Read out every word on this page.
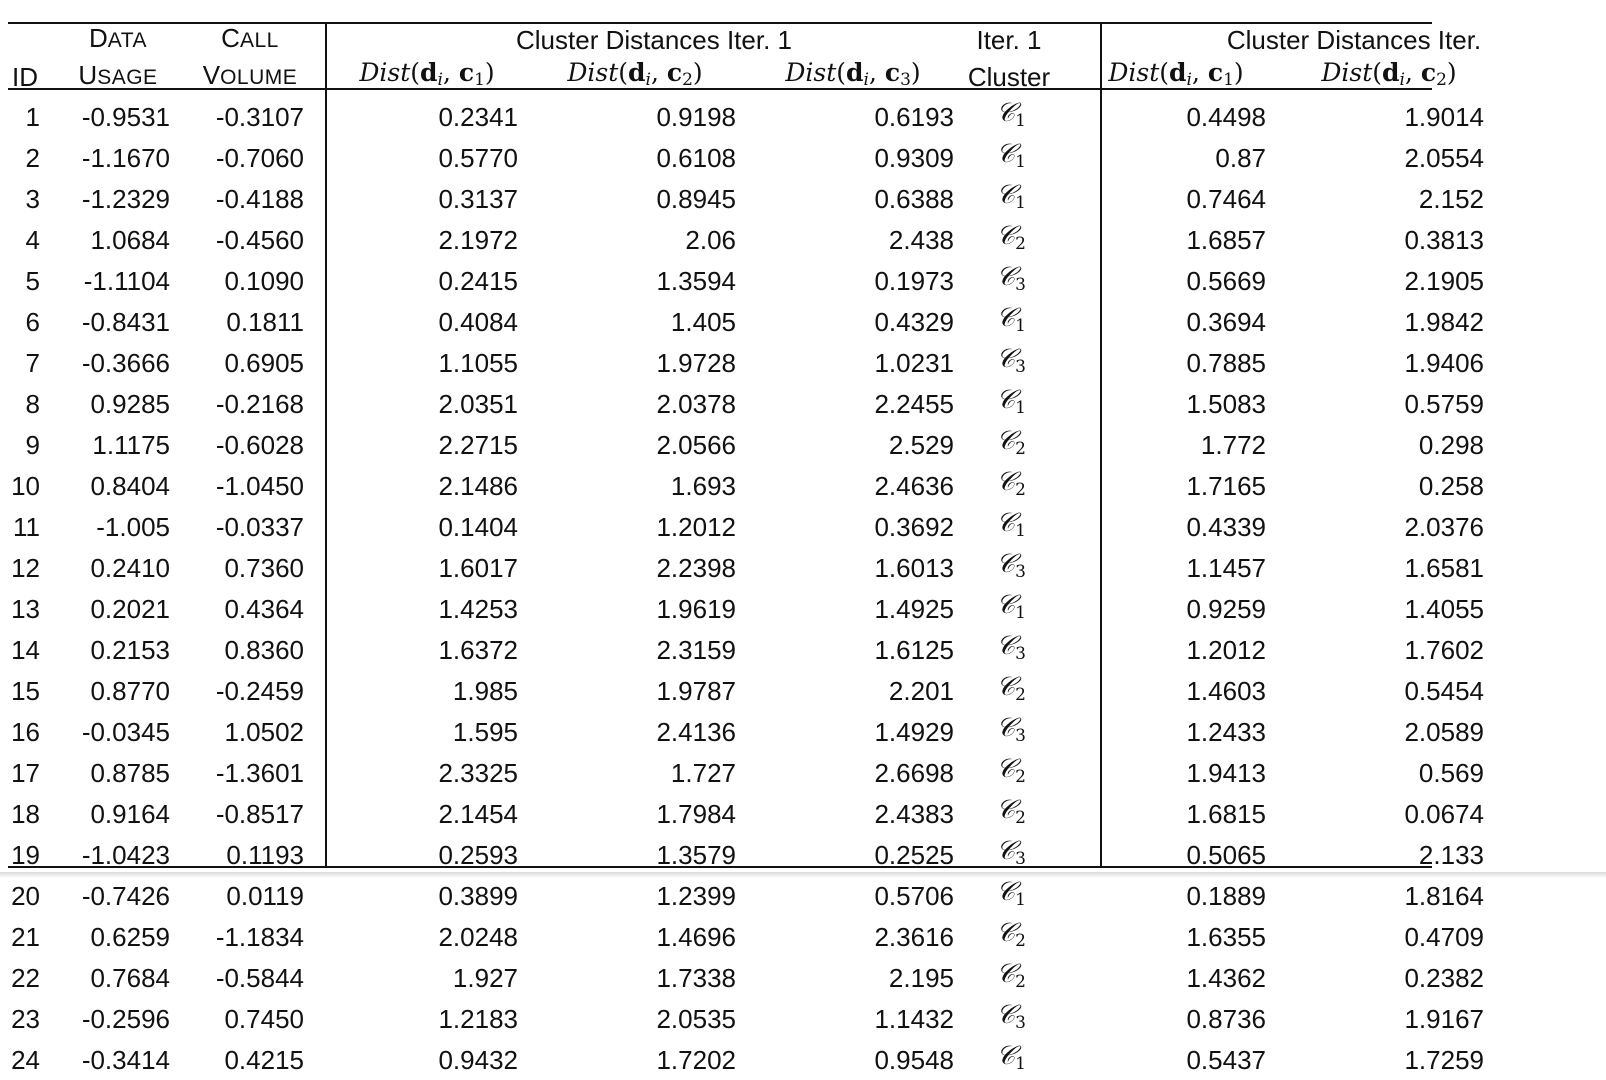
	DATA	CALL	Cluster Distances Iter. 1			Iter. 1	Cluster Distances Iter.	
ID	USAGE	VOLUME	$Dist(d_i$, $c_1$)	$Dist(d_i$, $c_2$)	$Dist(d_i$, $c_3$)	Cluster	$Dist(d_i$, $c_1$)	$Dist(d_i$, $c_2$)
1	-0.9531	-0.3107	0.2341	0.9198	0.6193	𝒞$_1$	0.4498	1.9014
2	-1.1670	-0.7060	0.5770	0.6108	0.9309	𝒞$_1$	0.87	2.0554
3	-1.2329	-0.4188	0.3137	0.8945	0.6388	𝒞$_1$	0.7464	2.152
4	1.0684	-0.4560	2.1972	2.06	2.438	𝒞$_2$	1.6857	0.3813
5	-1.1104	0.1090	0.2415	1.3594	0.1973	𝒞$_3$	0.5669	2.1905
6	-0.8431	0.1811	0.4084	1.405	0.4329	𝒞$_1$	0.3694	1.9842
7	-0.3666	0.6905	1.1055	1.9728	1.0231	𝒞$_3$	0.7885	1.9406
8	0.9285	-0.2168	2.0351	2.0378	2.2455	𝒞$_1$	1.5083	0.5759
9	1.1175	-0.6028	2.2715	2.0566	2.529	𝒞$_2$	1.772	0.298
10	0.8404	-1.0450	2.1486	1.693	2.4636	𝒞$_2$	1.7165	0.258
11	-1.005	-0.0337	0.1404	1.2012	0.3692	𝒞$_1$	0.4339	2.0376
12	0.2410	0.7360	1.6017	2.2398	1.6013	𝒞$_3$	1.1457	1.6581
13	0.2021	0.4364	1.4253	1.9619	1.4925	𝒞$_1$	0.9259	1.4055
14	0.2153	0.8360	1.6372	2.3159	1.6125	𝒞$_3$	1.2012	1.7602
15	0.8770	-0.2459	1.985	1.9787	2.201	𝒞$_2$	1.4603	0.5454
16	-0.0345	1.0502	1.595	2.4136	1.4929	𝒞$_3$	1.2433	2.0589
17	0.8785	-1.3601	2.3325	1.727	2.6698	𝒞$_2$	1.9413	0.569
18	0.9164	-0.8517	2.1454	1.7984	2.4383	𝒞$_2$	1.6815	0.0674
19	-1.0423	0.1193	0.2593	1.3579	0.2525	𝒞$_3$	0.5065	2.133
20	-0.7426	0.0119	0.3899	1.2399	0.5706	𝒞$_1$	0.1889	1.8164
21	0.6259	-1.1834	2.0248	1.4696	2.3616	𝒞$_2$	1.6355	0.4709
22	0.7684	-0.5844	1.927	1.7338	2.195	𝒞$_2$	1.4362	0.2382
23	-0.2596	0.7450	1.2183	2.0535	1.1432	𝒞$_3$	0.8736	1.9167
24	-0.3414	0.4215	0.9432	1.7202	0.9548	𝒞$_1$	0.5437	1.7259
